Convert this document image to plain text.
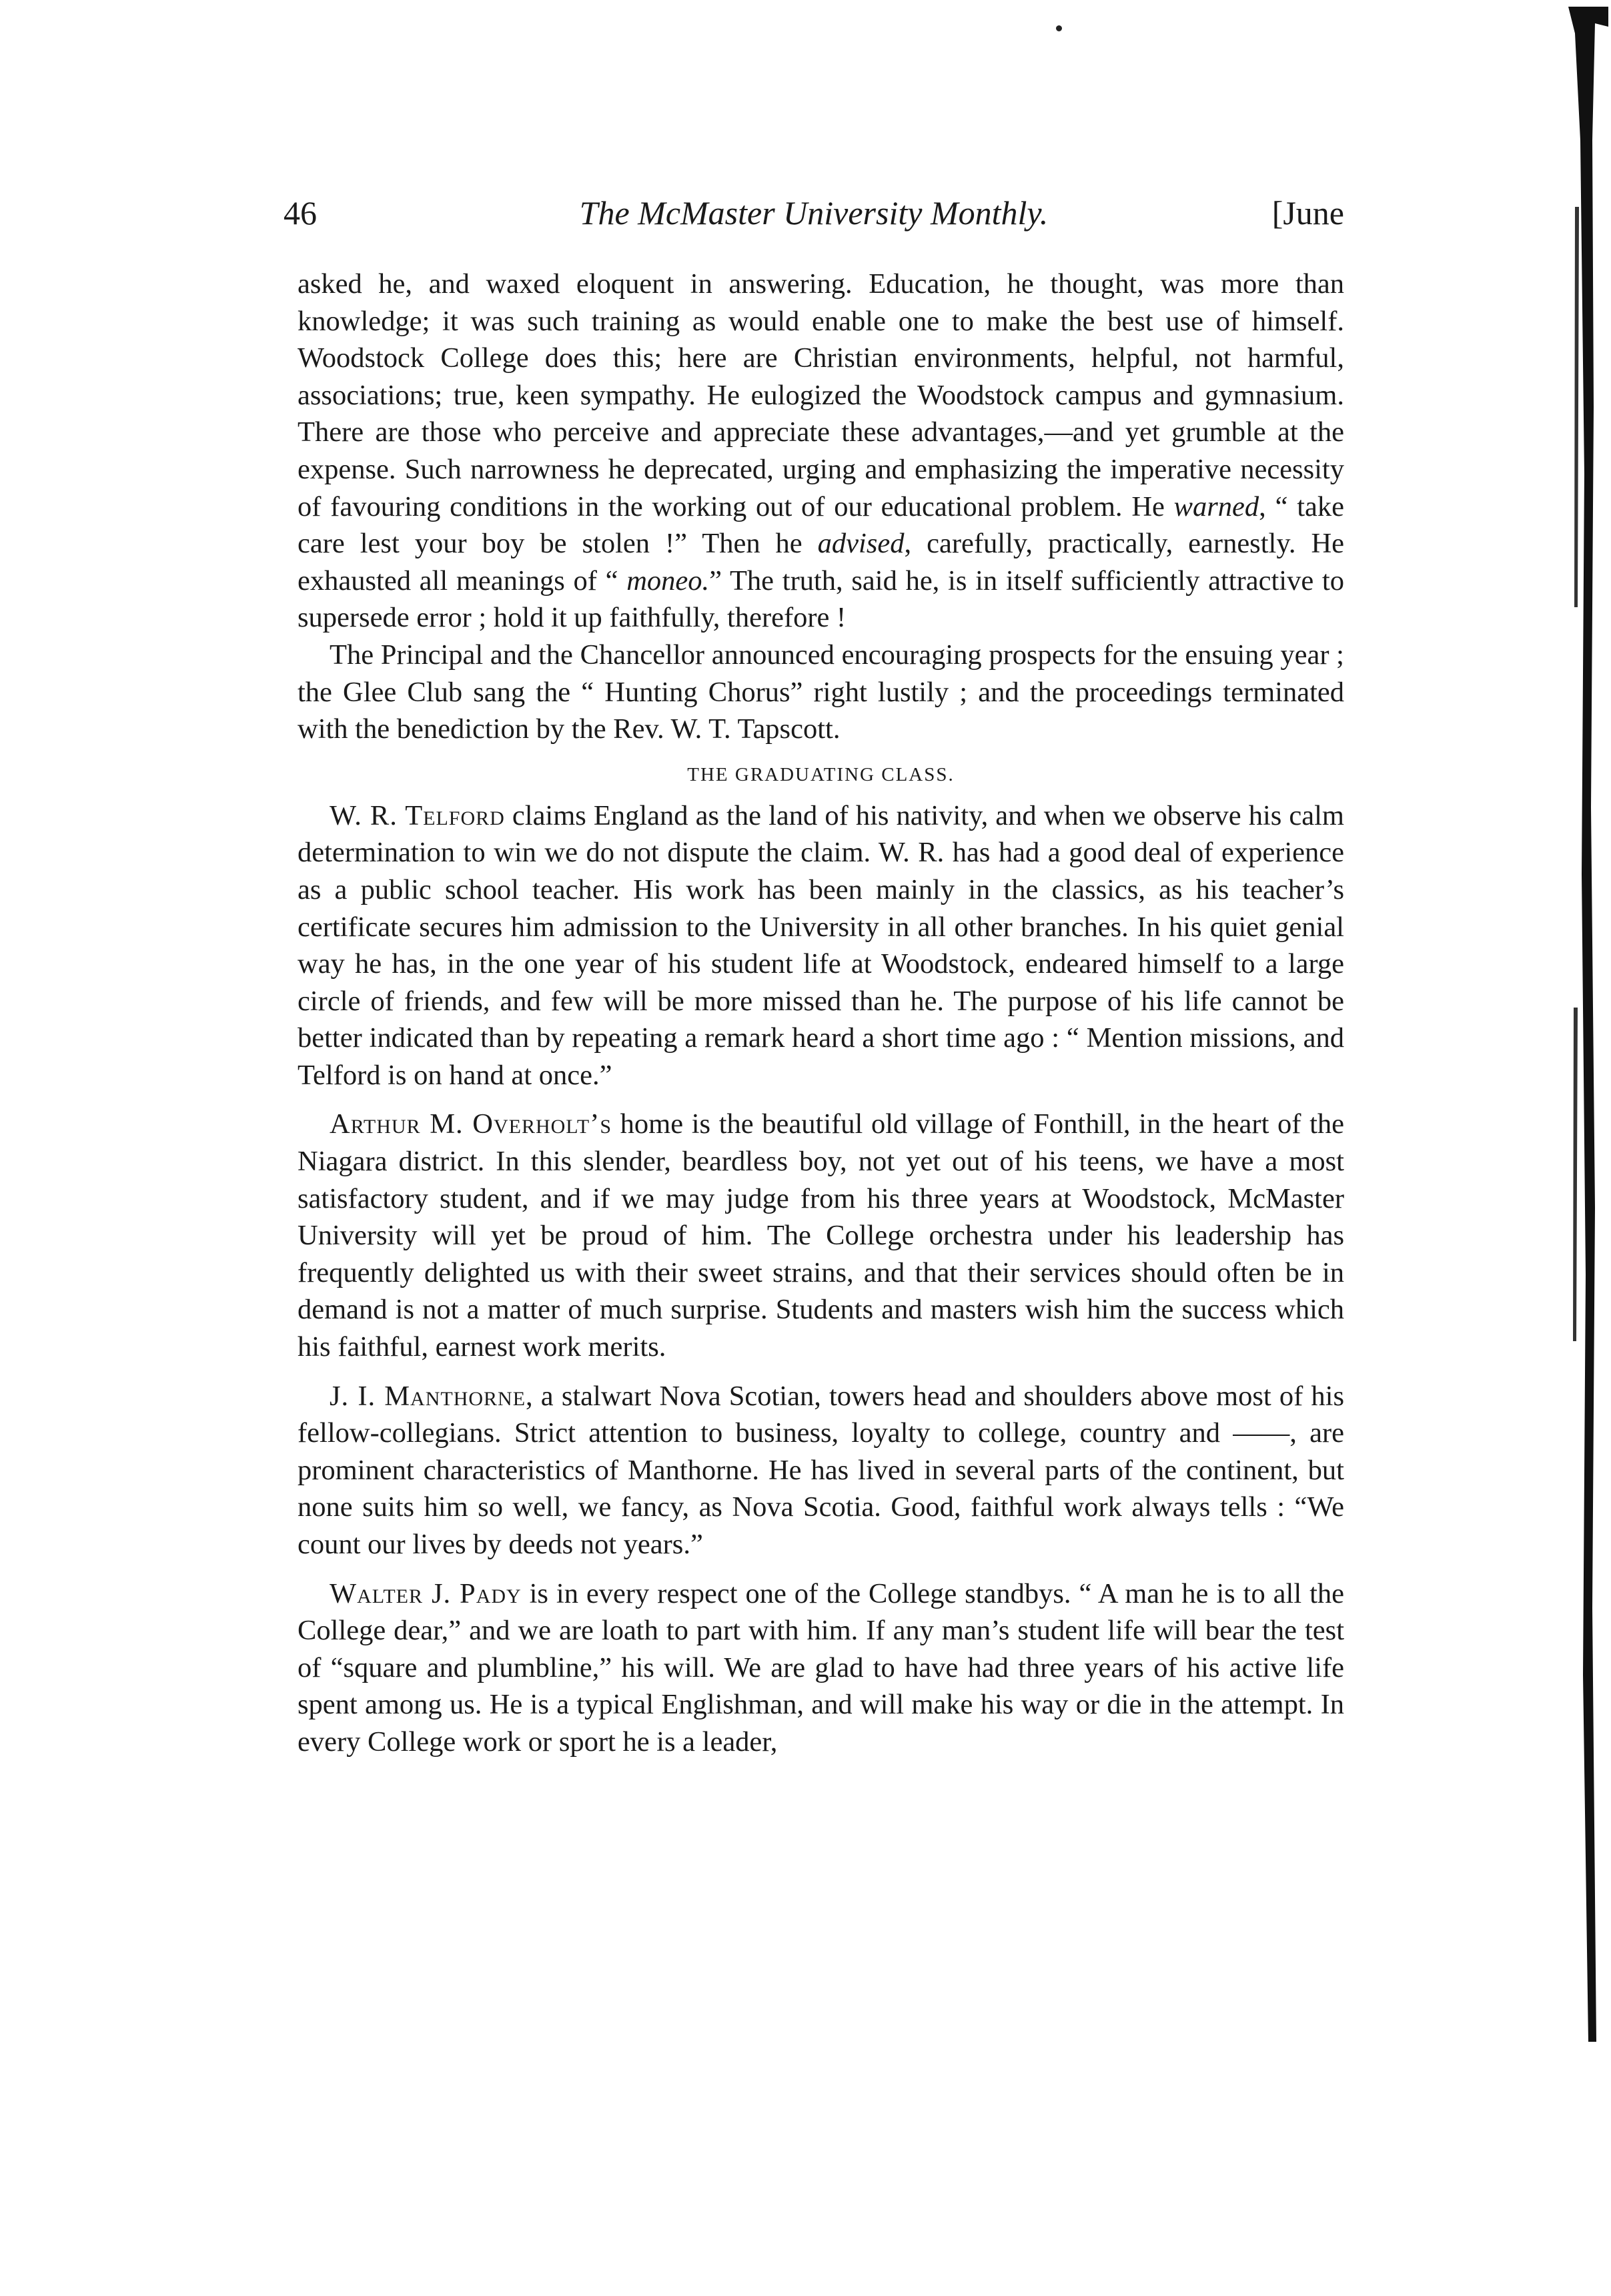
46	The McMaster University Monthly.	[June

asked he, and waxed eloquent in answering. Education, he thought, was more than knowledge; it was such training as would enable one to make the best use of himself. Woodstock College does this; here are Christian environments, helpful, not harmful, associations; true, keen sympathy. He eulogized the Woodstock campus and gymnasium. There are those who perceive and appreciate these advantages,—and yet grumble at the expense. Such narrowness he deprecated, urging and emphasizing the imperative necessity of favouring conditions in the working out of our educational problem. He warned, “ take care lest your boy be stolen !” Then he advised, carefully, practically, earnestly. He exhausted all meanings of “ moneo.” The truth, said he, is in itself sufficiently attractive to supersede error ; hold it up faithfully, therefore !

The Principal and the Chancellor announced encouraging prospects for the ensuing year ; the Glee Club sang the “ Hunting Chorus” right lustily ; and the proceedings terminated with the benediction by the Rev. W. T. Tapscott.

THE GRADUATING CLASS.

W. R. Telford claims England as the land of his nativity, and when we observe his calm determination to win we do not dispute the claim. W. R. has had a good deal of experience as a public school teacher. His work has been mainly in the classics, as his teacher’s certificate secures him admission to the University in all other branches. In his quiet genial way he has, in the one year of his student life at Woodstock, endeared himself to a large circle of friends, and few will be more missed than he. The purpose of his life cannot be better indicated than by repeating a remark heard a short time ago : “ Mention missions, and Telford is on hand at once.”

Arthur M. Overholt’s home is the beautiful old village of Fonthill, in the heart of the Niagara district. In this slender, beardless boy, not yet out of his teens, we have a most satisfactory student, and if we may judge from his three years at Woodstock, McMaster University will yet be proud of him. The College orchestra under his leadership has frequently delighted us with their sweet strains, and that their services should often be in demand is not a matter of much surprise. Students and masters wish him the success which his faithful, earnest work merits.

J. I. Manthorne, a stalwart Nova Scotian, towers head and shoulders above most of his fellow-collegians. Strict attention to business, loyalty to college, country and ——, are prominent characteristics of Manthorne. He has lived in several parts of the continent, but none suits him so well, we fancy, as Nova Scotia. Good, faithful work always tells : “We count our lives by deeds not years.”

Walter J. Pady is in every respect one of the College standbys. “ A man he is to all the College dear,” and we are loath to part with him. If any man’s student life will bear the test of “square and plumbline,” his will. We are glad to have had three years of his active life spent among us. He is a typical Englishman, and will make his way or die in the attempt. In every College work or sport he is a leader,
